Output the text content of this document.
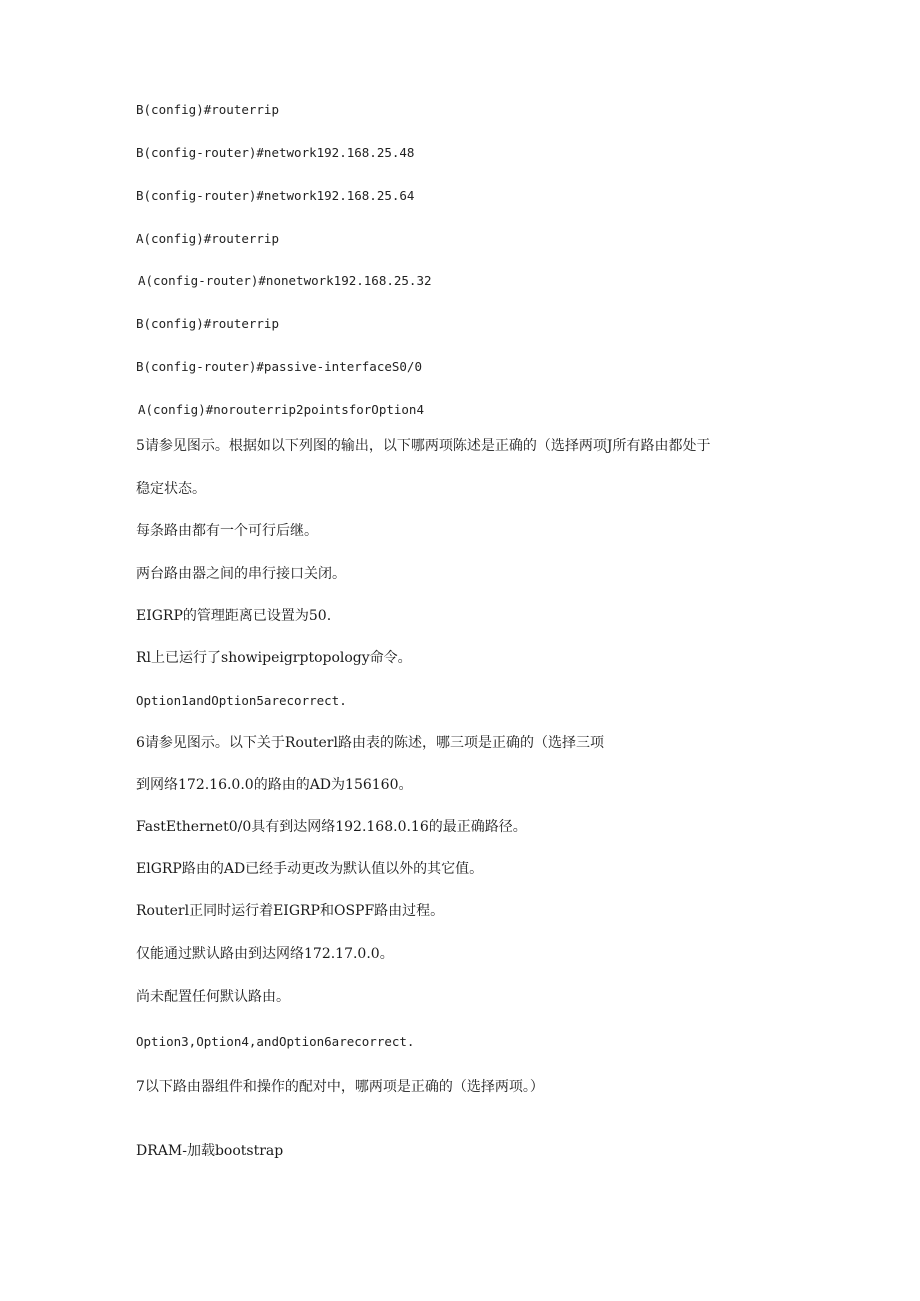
B(config)#routerrip
B(config-router)#network192.168.25.48
B(config-router)#network192.168.25.64
A(config)#routerrip
A(config-router)#nonetwork192.168.25.32
B(config)#routerrip
B(config-router)#passive-interfaceS0/0
A(config)#norouterrip2pointsforOption4
5请参见图示。根据如以下列图的输出，以下哪两项陈述是正确的（选择两项J所有路由都处于
稳定状态。
每条路由都有一个可行后继。
两台路由器之间的串行接口关闭。
EIGRP的管理距离已设置为50.
Rl上已运行了showipeigrptopology命令。
Option1andOption5arecorrect.
6请参见图示。以下关于Routerl路由表的陈述，哪三项是正确的（选择三项
到网络172.16.0.0的路由的AD为156160。
FastEthernet0/0具有到达网络192.168.0.16的最正确路径。
ElGRP路由的AD已经手动更改为默认值以外的其它值。
Routerl正同时运行着EIGRP和OSPF路由过程。
仅能通过默认路由到达网络172.17.0.0。
尚未配置任何默认路由。
Option3,Option4,andOption6arecorrect.
7以下路由器组件和操作的配对中，哪两项是正确的（选择两项。）
DRAM-加载bootstrap
